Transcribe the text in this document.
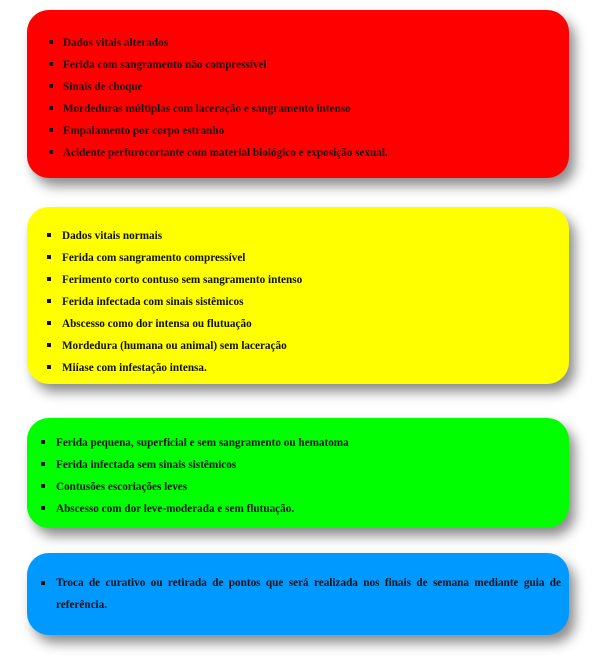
Dados vitais alterados
Ferida com sangramento não compressível
Sinais de choque
Mordeduras múltiplas com laceração e sangramento intenso
Empalamento por corpo estranho
Acidente perfurocortante com material biológico e exposição sexual.
Dados vitais normais
Ferida com sangramento compressível
Ferimento corto contuso sem sangramento intenso
Ferida infectada com sinais sistêmicos
Abscesso como dor intensa ou flutuação
Mordedura (humana ou animal) sem laceração
Miíase com infestação intensa.
Ferida pequena, superficial e sem sangramento ou hematoma
Ferida infectada sem sinais sistêmicos
Contusões escoriações leves
Abscesso com dor leve-moderada e sem flutuação.
Troca de curativo ou retirada de pontos que será realizada nos finais de semana mediante guia de referência.
